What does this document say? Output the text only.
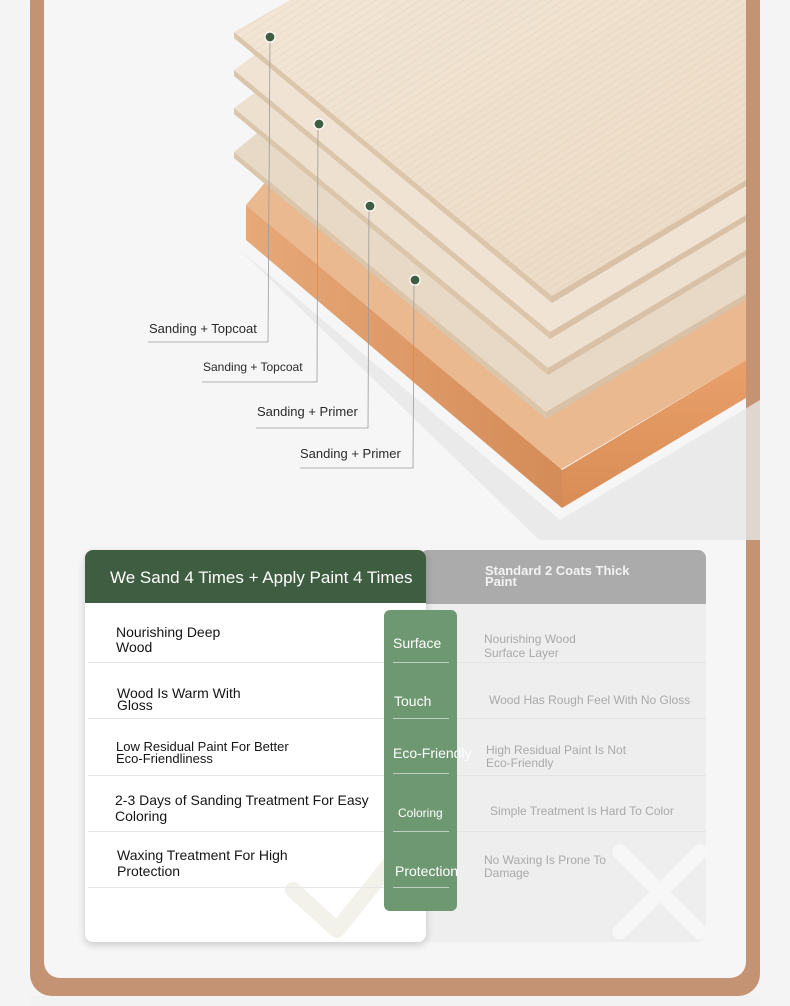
Sanding + Topcoat
Sanding + Topcoat
Sanding + Primer
Sanding + Primer
Standard 2 Coats Thick Paint
We Sand 4 Times + Apply Paint 4 Times
Nourishing Deep Wood
Wood Is Warm With Gloss
Low Residual Paint For Better Eco-Friendliness
2-3 Days of Sanding Treatment For Easy Coloring
Waxing Treatment For High Protection
Nourishing Wood Surface Layer
Wood Has Rough Feel With No Gloss
High Residual Paint Is Not Eco-Friendly
Simple Treatment Is Hard To Color
No Waxing Is Prone To Damage
Surface
Touch
Eco-Friendly
Coloring
Protection
